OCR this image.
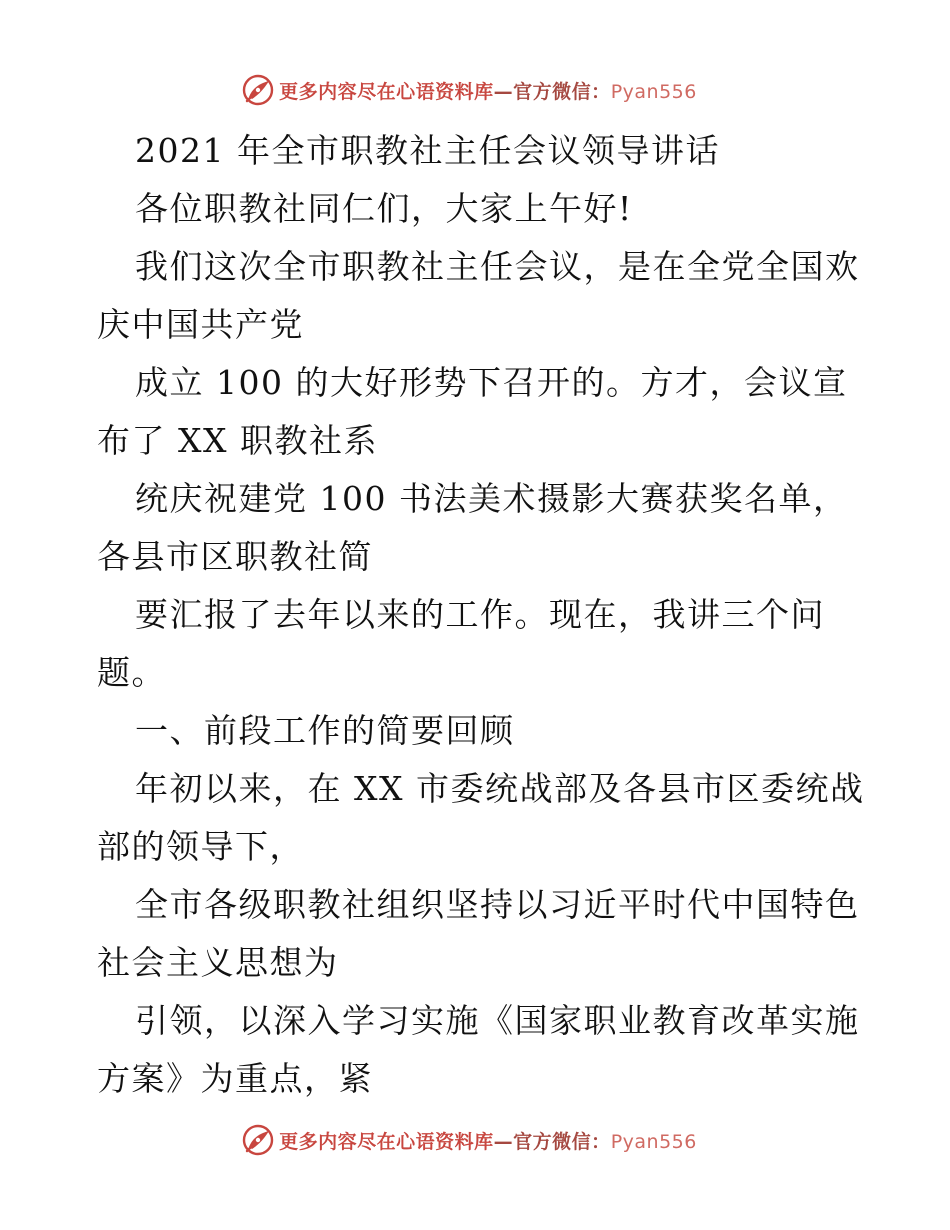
更多内容尽在心语资料库—官方微信：Pyan556
2021 年全市职教社主任会议领导讲话
各位职教社同仁们，大家上午好!
我们这次全市职教社主任会议，是在全党全国欢
庆中国共产党
成立 100 的大好形势下召开的。方才，会议宣
布了 XX 职教社系
统庆祝建党 100 书法美术摄影大赛获奖名单，
各县市区职教社简
要汇报了去年以来的工作。现在，我讲三个问
题。
一、前段工作的简要回顾
年初以来，在 XX 市委统战部及各县市区委统战
部的领导下，
全市各级职教社组织坚持以习近平时代中国特色
社会主义思想为
引领，以深入学习实施《国家职业教育改革实施
方案》为重点，紧
更多内容尽在心语资料库—官方微信：Pyan556
